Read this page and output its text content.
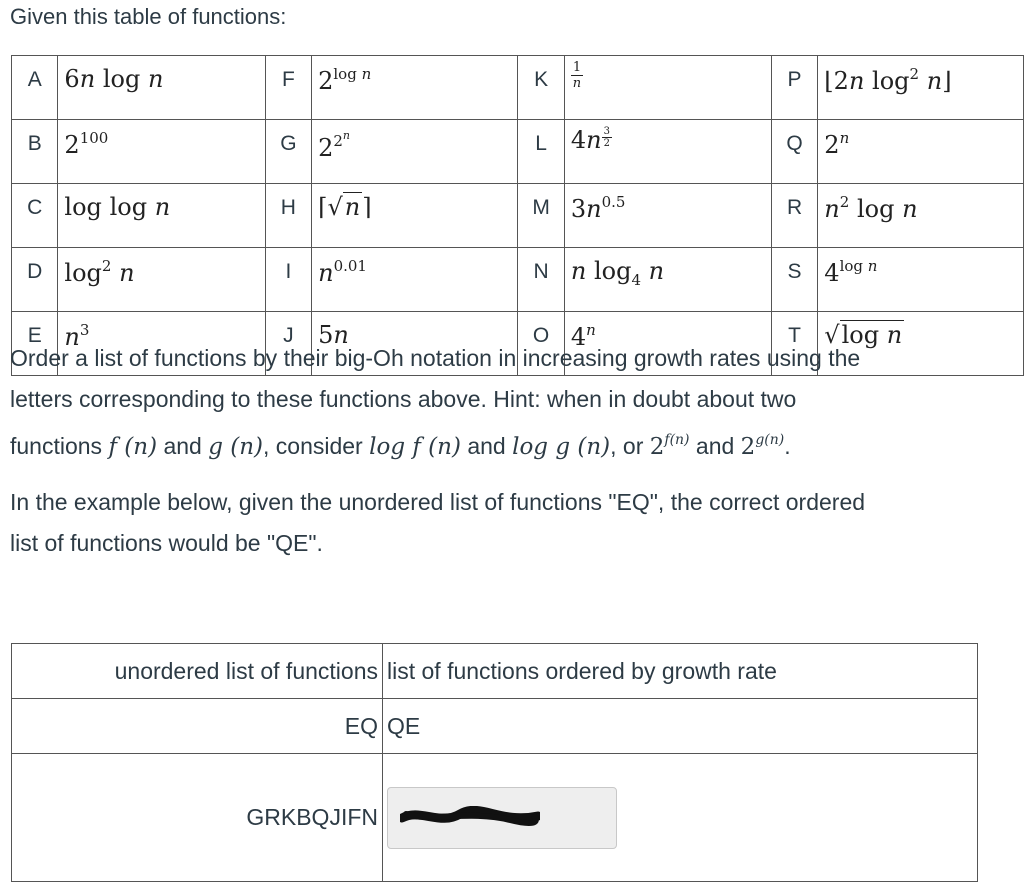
Given this table of functions:
A	6n log n	F	$2^{log n}$	K	$\frac{1}{n}$	P	⌊2n $\log^2$ n⌋
B	$2^{100}$	G	$2^{2^n}$	L	$4n \frac{3}{2}$	Q	2$^n$
C	log log n	H	⌈√n⌉	M	$3n^{0.5}$	R	$n^2$ log n
D	$\log^2 n$	I	$n^{0.01}$	N	n $\log_4 n$	S	$4^{log n}$
E	$n^3$	J	5n	O	4$^n$	T	√log n
Order a list of functions by their big-Oh notation in increasing growth rates using the
letters corresponding to these functions above. Hint: when in doubt about two
functions f (n) and g (n), consider log f (n) and log g (n), or $2^{f(n)}$ and $2^{g(n)}$.
In the example below, given the unordered list of functions "EQ", the correct ordered
list of functions would be "QE".
unordered list of functions	list of functions ordered by growth rate
EQ	QE
GRKBQJIFN	
